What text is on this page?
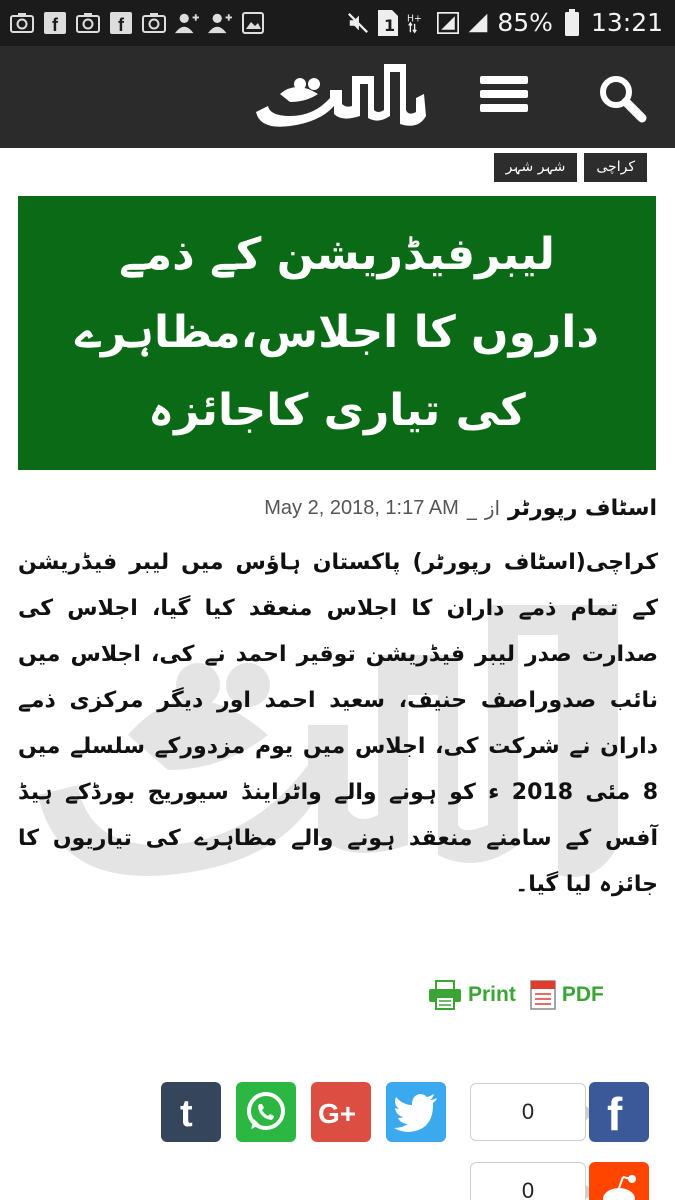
f	f	1 H+	85% 13:21
شہر شہر	کراچی
لیبرفیڈریشن کے ذمے داروں کا اجلاس،مظاہرے کی تیاری کاجائزہ
May 2, 2018, 1:17 AM _ از اسٹاف رپورٹر

کراچی(اسٹاف رپورٹر) پاکستان ہاؤس میں لیبر فیڈریشن کے تمام ذمے داران کا اجلاس منعقد کیا گیا، اجلاس کی صدارت صدر لیبر فیڈریشن توقیر احمد نے کی، اجلاس میں نائب صدوراصف حنیف، سعید احمد اور دیگر مرکزی ذمے داران نے شرکت کی، اجلاس میں یوم مزدورکے سلسلے میں 8 مئی 2018 ء کو ہونے والے واٹراینڈ سیوریج بورڈکے ہیڈ آفس کے سامنے منعقد ہونے والے مظاہرے کی تیاریوں کا جائزہ لیا گیا۔

Print PDF
t	G+	0	f
0
